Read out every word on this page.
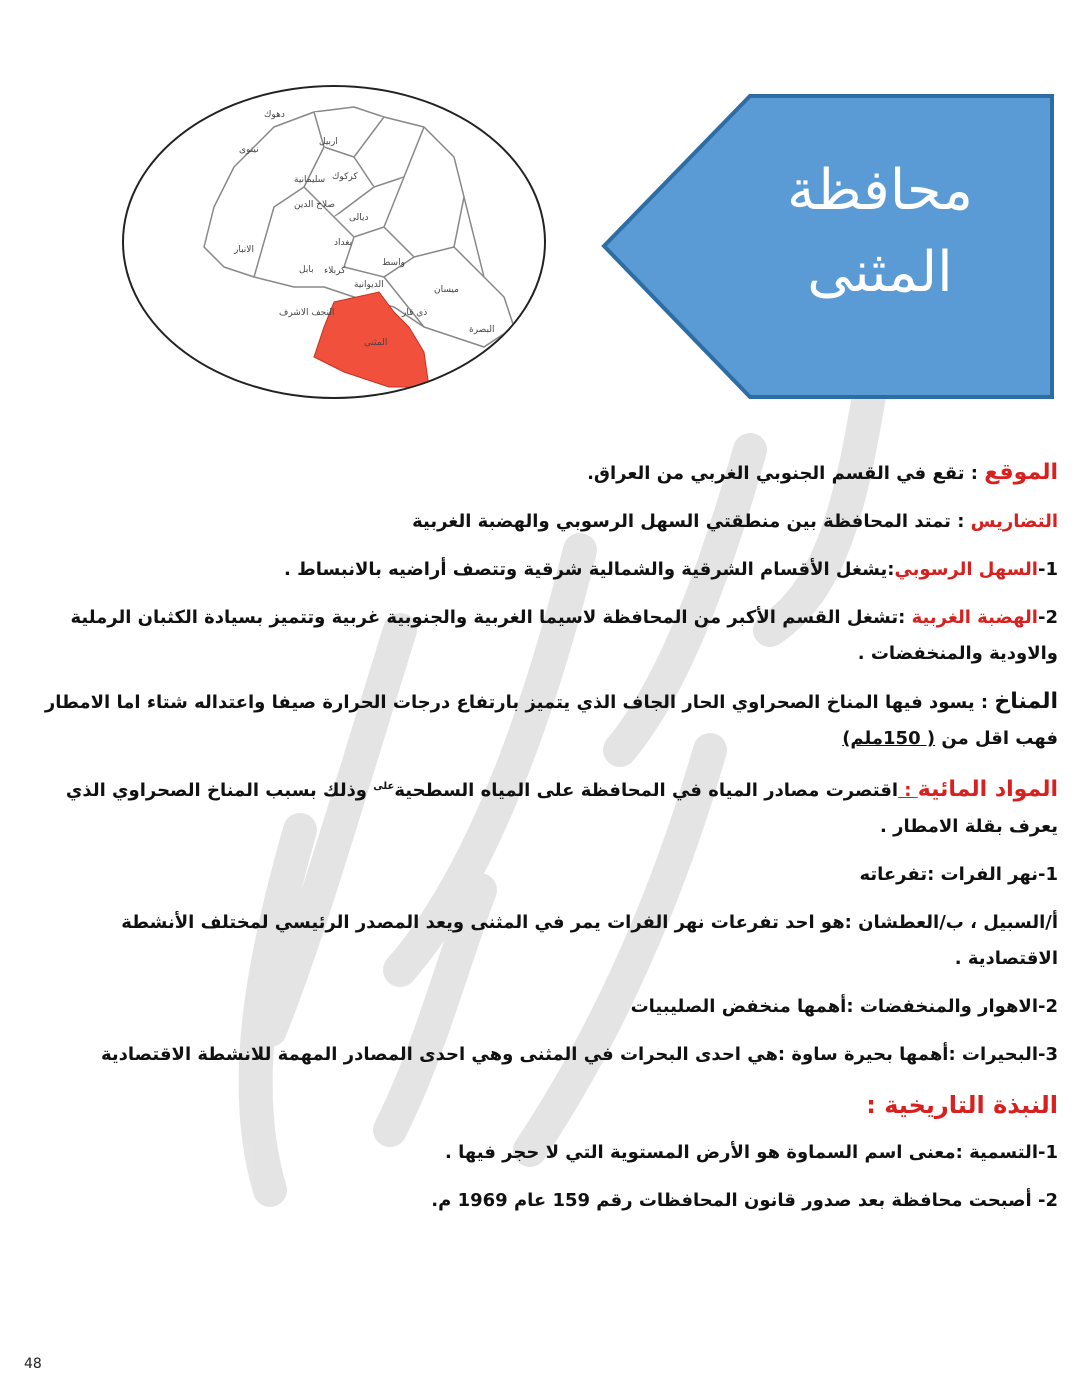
دهوك
اربيل
نينوى
سليمانية كركوك
صلاح الدين
ديالى
بغداد
الانبار
واسط
بابل كربلاء
الديوانية	ميسان
النجف الاشرف	ذي قار
المثنى
البصرة
محافظة
المثنى

الموقع : تقع في القسم الجنوبي الغربي من العراق.

التضاريس : تمتد المحافظة بين منطقتي السهل الرسوبي والهضبة الغربية

1-السهل الرسوبي:يشغل الأقسام الشرقية والشمالية شرقية وتتصف أراضيه بالانبساط .

2-الهضبة الغربية :تشغل القسم الأكبر من المحافظة لاسيما الغربية والجنوبية غربية وتتميز بسيادة الكثبان الرملية والاودية والمنخفضات .

المناخ : يسود فيها المناخ الصحراوي الحار الجاف الذي يتميز بارتفاع درجات الحرارة صيفا واعتداله شتاء اما الامطار فهب اقل من ( 150ملم)

المواد المائية : اقتصرت مصادر المياه في المحافظة على المياه السطحية$^{على}$ وذلك بسبب المناخ الصحراوي الذي يعرف بقلة الامطار .

1-نهر الفرات :تفرعاته

أ/السبيل ، ب/العطشان :هو احد تفرعات نهر الفرات يمر في المثنى ويعد المصدر الرئيسي لمختلف الأنشطة الاقتصادية .

2-الاهوار والمنخفضات :أهمها منخفض الصليبيات

3-البحيرات :أهمها بحيرة ساوة :هي احدى البحرات في المثنى وهي احدى المصادر المهمة للانشطة الاقتصادية

النبذة التاريخية :

1-التسمية :معنى اسم السماوة هو الأرض المستوية التي لا حجر فيها .

2- أصبحت محافظة بعد صدور قانون المحافظات رقم 159 عام 1969 م.

48
